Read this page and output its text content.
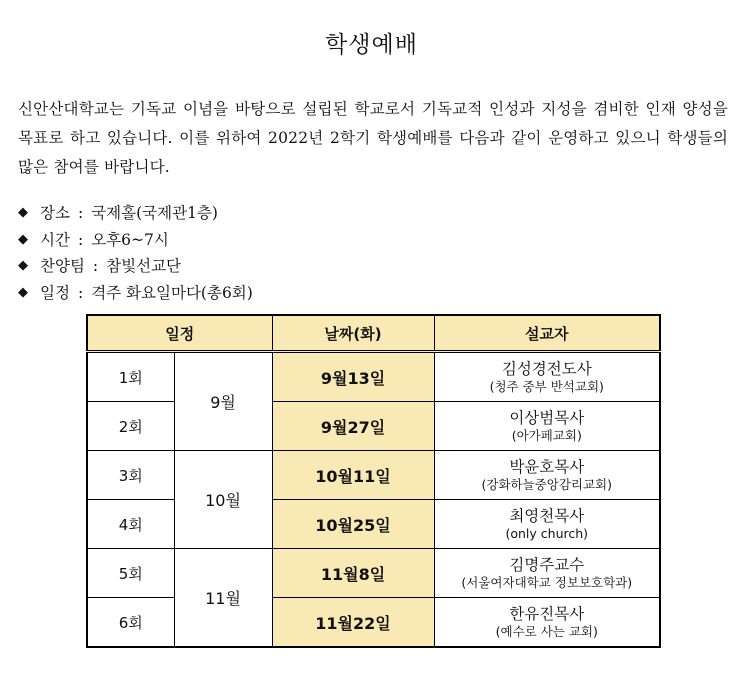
학생예배

신안산대학교는 기독교 이념을 바탕으로 설립된 학교로서 기독교적 인성과 지성을 겸비한 인재 양성을 목표로 하고 있습니다. 이를 위하여 2022년 2학기 학생예배를 다음과 같이 운영하고 있으니 학생들의 많은 참여를 바랍니다.

◆ 장소 : 국제홀(국제관1층)
◆ 시간 : 오후6~7시
◆ 찬양팀 : 참빛선교단
◆ 일정 : 격주 화요일마다(총6회)
일정		날짜(화)	설교자
1회	9월	9월13일	김성경전도사
(청주 중부 반석교회)

2회		9월27일	이상범목사
(아가페교회)

3회	10월	10월11일	박윤호목사
(강화하늘중앙감리교회)

4회		10월25일	최영천목사
(only church)

5회	11월	11월8일	김명주교수
(서울여자대학교 정보보호학과)

6회		11월22일	한유진목사
(예수로 사는 교회)
